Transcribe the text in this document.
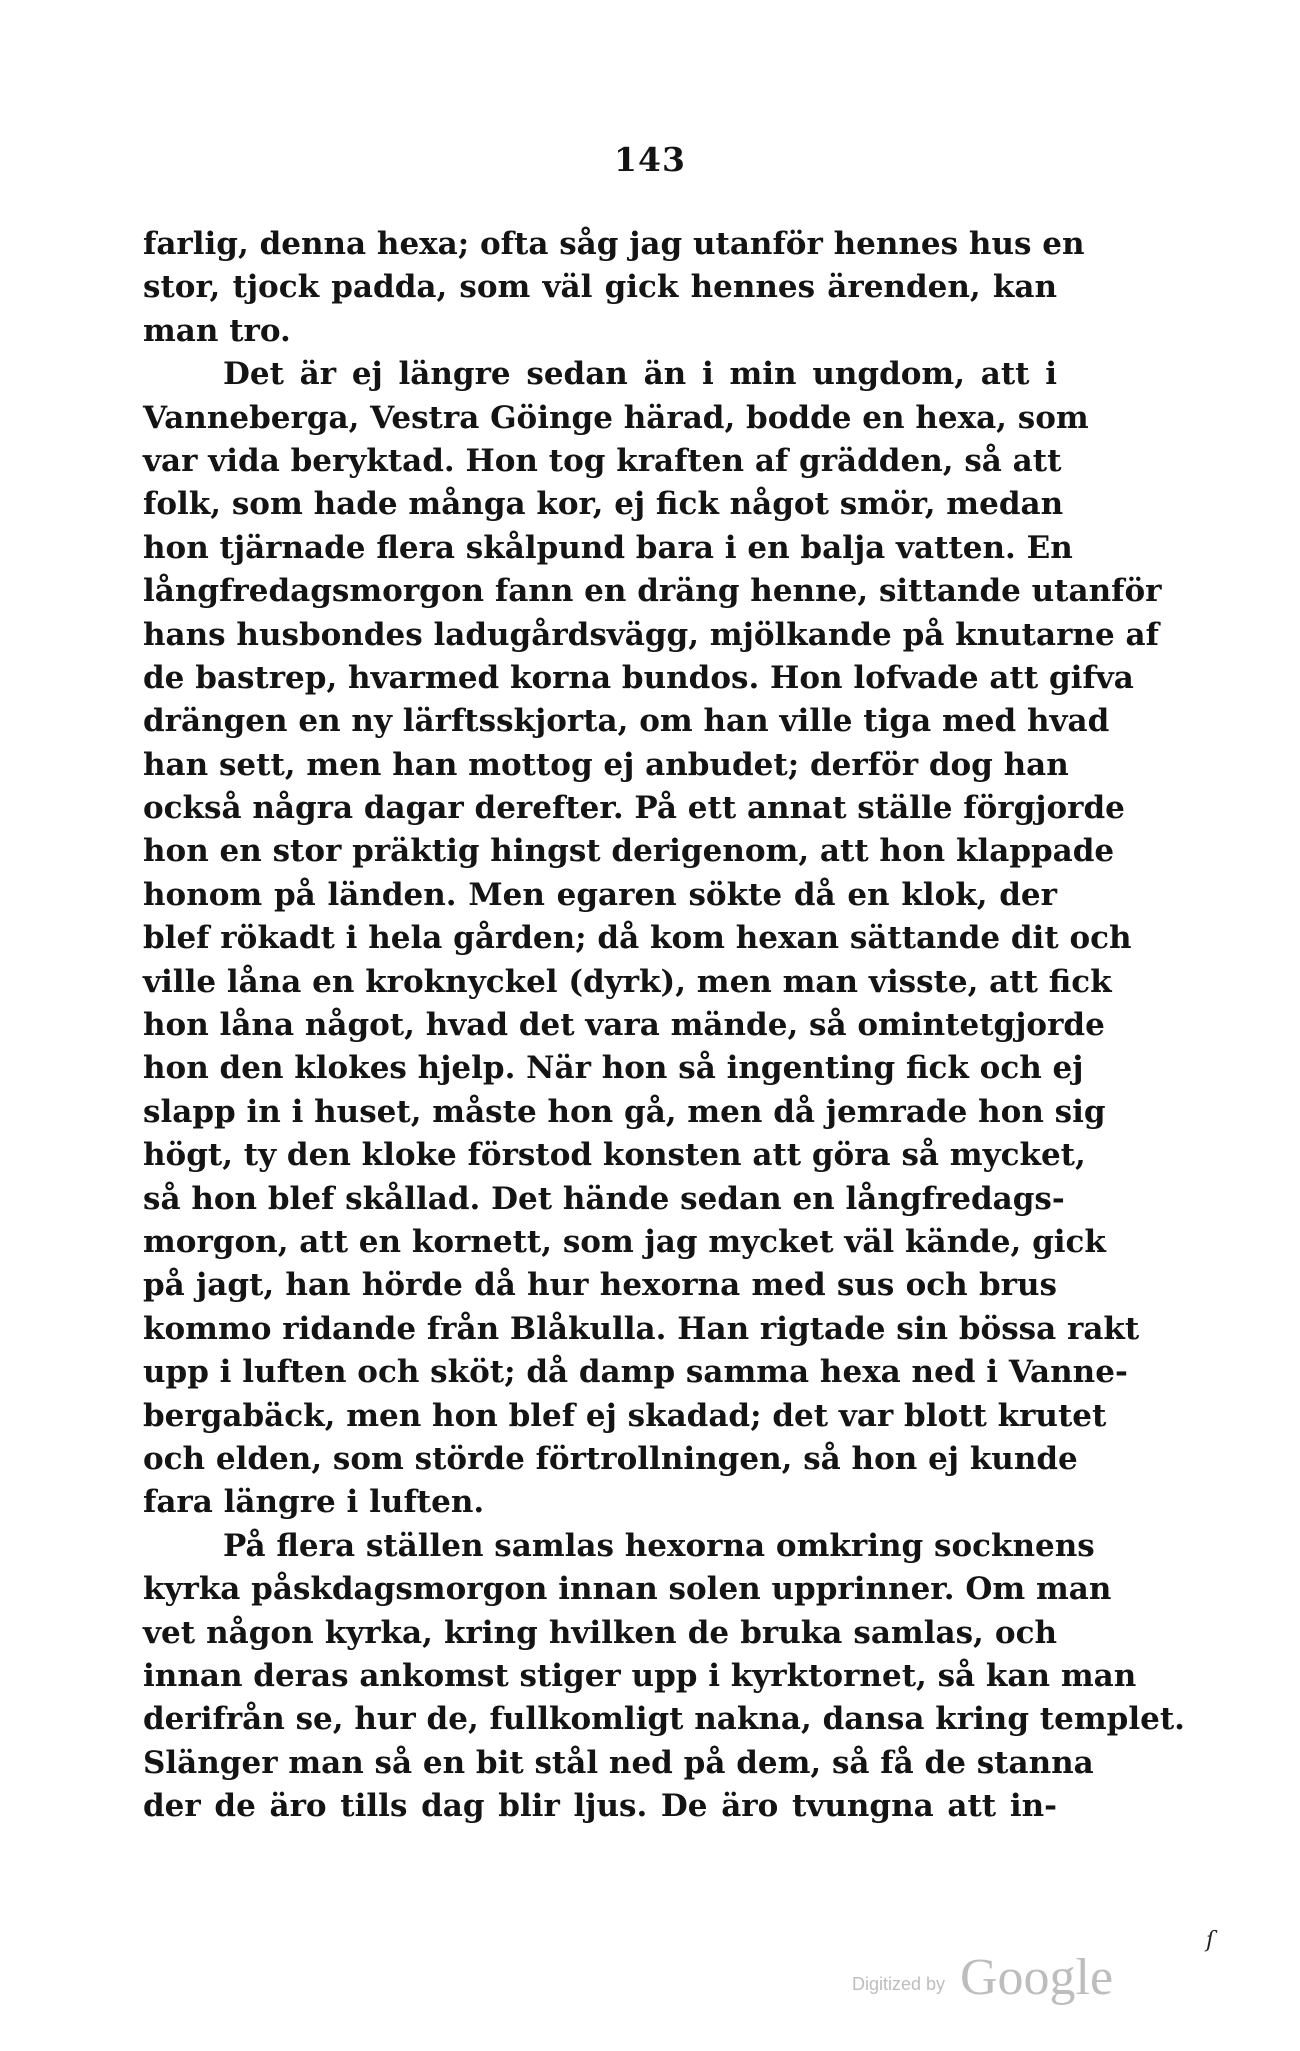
143
farlig, denna hexa; ofta såg jag utanför hennes hus en
stor, tjock padda, som väl gick hennes ärenden, kan
man tro.
Det är ej längre sedan än i min ungdom, att i
Vanneberga, Vestra Göinge härad, bodde en hexa, som
var vida beryktad. Hon tog kraften af grädden, så att
folk, som hade många kor, ej fick något smör, medan
hon tjärnade flera skålpund bara i en balja vatten. En
långfredagsmorgon fann en dräng henne, sittande utanför
hans husbondes ladugårdsvägg, mjölkande på knutarne af
de bastrep, hvarmed korna bundos. Hon lofvade att gifva
drängen en ny lärftsskjorta, om han ville tiga med hvad
han sett, men han mottog ej anbudet; derför dog han
också några dagar derefter. På ett annat ställe förgjorde
hon en stor präktig hingst derigenom, att hon klappade
honom på länden. Men egaren sökte då en klok, der
blef rökadt i hela gården; då kom hexan sättande dit och
ville låna en kroknyckel (dyrk), men man visste, att fick
hon låna något, hvad det vara mände, så omintetgjorde
hon den klokes hjelp. När hon så ingenting fick och ej
slapp in i huset, måste hon gå, men då jemrade hon sig
högt, ty den kloke förstod konsten att göra så mycket,
så hon blef skållad. Det hände sedan en långfredags-
morgon, att en kornett, som jag mycket väl kände, gick
på jagt, han hörde då hur hexorna med sus och brus
kommo ridande från Blåkulla. Han rigtade sin bössa rakt
upp i luften och sköt; då damp samma hexa ned i Vanne-
bergabäck, men hon blef ej skadad; det var blott krutet
och elden, som störde förtrollningen, så hon ej kunde
fara längre i luften.
På flera ställen samlas hexorna omkring socknens
kyrka påskdagsmorgon innan solen upprinner. Om man
vet någon kyrka, kring hvilken de bruka samlas, och
innan deras ankomst stiger upp i kyrktornet, så kan man
derifrån se, hur de, fullkomligt nakna, dansa kring templet.
Slänger man så en bit stål ned på dem, så få de stanna
der de äro tills dag blir ljus. De äro tvungna att in-
Digitized by Google
ſ
